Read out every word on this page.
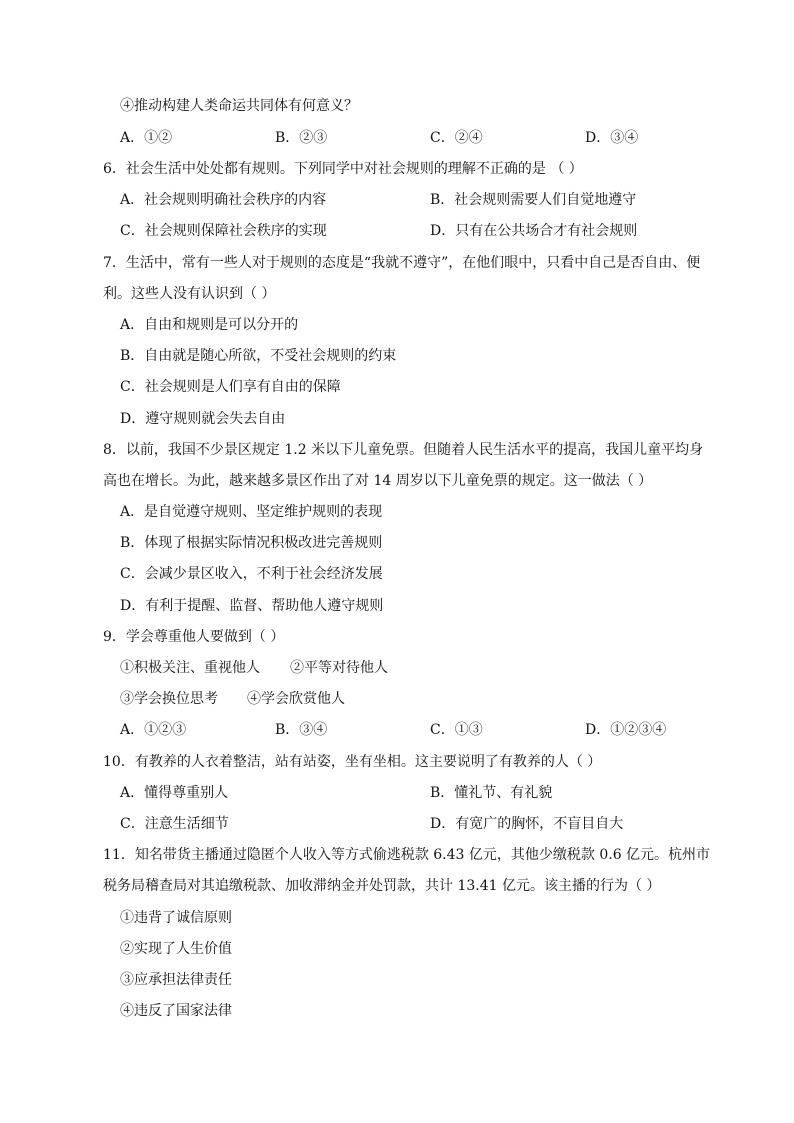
④推动构建人类命运共同体有何意义？
A．①②	B．②③	C．②④	D．③④
6．社会生活中处处都有规则。下列同学中对社会规则的理解不正确的是 （ ）
A．社会规则明确社会秩序的内容	B．社会规则需要人们自觉地遵守
C．社会规则保障社会秩序的实现	D．只有在公共场合才有社会规则
7．生活中，常有一些人对于规则的态度是“我就不遵守”，在他们眼中，只看中自己是否自由、便
利。这些人没有认识到（ ）
A．自由和规则是可以分开的
B．自由就是随心所欲，不受社会规则的约束
C．社会规则是人们享有自由的保障
D．遵守规则就会失去自由
8．以前，我国不少景区规定 1.2 米以下儿童免票。但随着人民生活水平的提高，我国儿童平均身
高也在增长。为此，越来越多景区作出了对 14 周岁以下儿童免票的规定。这一做法（ ）
A．是自觉遵守规则、坚定维护规则的表现
B．体现了根据实际情况积极改进完善规则
C．会减少景区收入，不利于社会经济发展
D．有利于提醒、监督、帮助他人遵守规则
9．学会尊重他人要做到（ ）
①积极关注、重视他人 ②平等对待他人
③学会换位思考 ④学会欣赏他人
A．①②③	B．③④	C．①③	D．①②③④
10．有教养的人衣着整洁，站有站姿，坐有坐相。这主要说明了有教养的人（ ）
A．懂得尊重别人	B．懂礼节、有礼貌
C．注意生活细节	D．有宽广的胸怀，不盲目自大
11．知名带货主播通过隐匿个人收入等方式偷逃税款 6.43 亿元，其他少缴税款 0.6 亿元。杭州市
税务局稽查局对其追缴税款、加收滞纳金并处罚款，共计 13.41 亿元。该主播的行为（ ）
①违背了诚信原则
②实现了人生价值
③应承担法律责任
④违反了国家法律
